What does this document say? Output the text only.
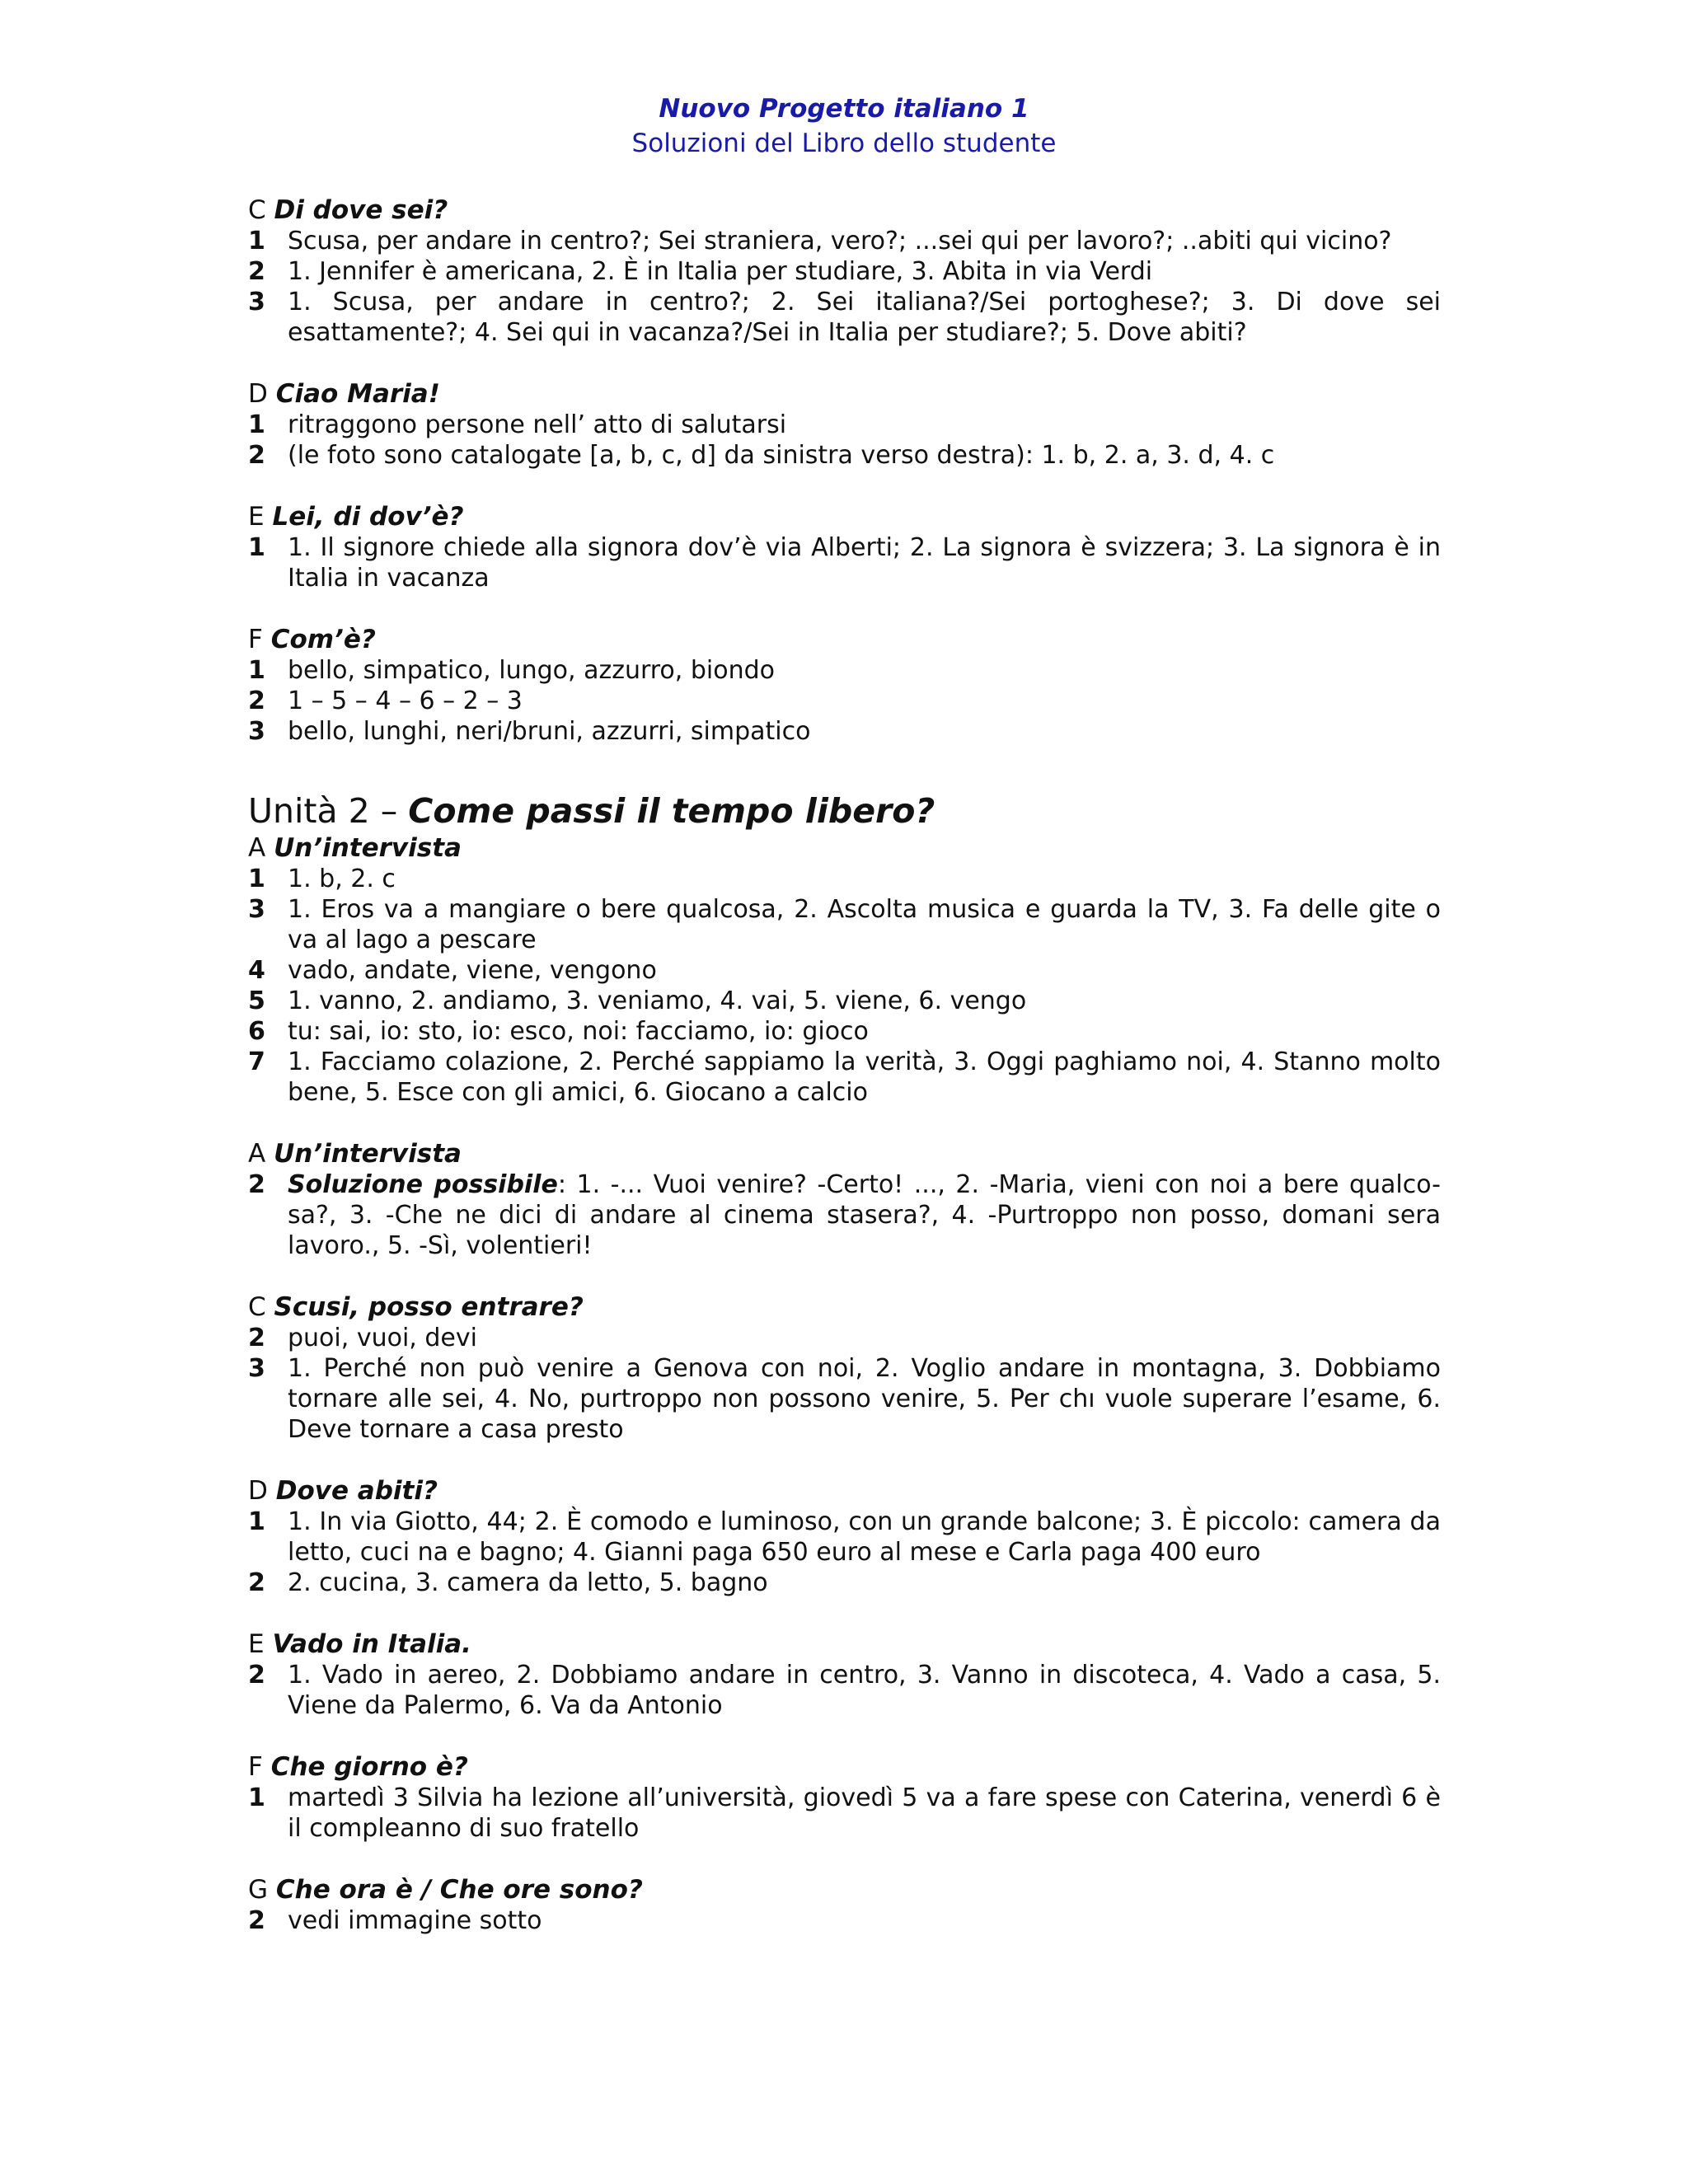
Nuovo Progetto italiano 1
Soluzioni del Libro dello studente
C Di dove sei?
1 Scusa, per andare in centro?; Sei straniera, vero?; ...sei qui per lavoro?; ..abiti qui vicino?
2 1. Jennifer è americana, 2. È in Italia per studiare, 3. Abita in via Verdi
3 1. Scusa, per andare in centro?; 2. Sei italiana?/Sei portoghese?; 3. Di dove sei esattamente?; 4. Sei qui in vacanza?/Sei in Italia per studiare?; 5. Dove abiti?
D Ciao Maria!
1 ritraggono persone nell’ atto di salutarsi
2 (le foto sono catalogate [a, b, c, d] da sinistra verso destra): 1. b, 2. a, 3. d, 4. c
E Lei, di dov’è?
1 1. Il signore chiede alla signora dov’è via Alberti; 2. La signora è svizzera; 3. La signora è in Italia in vacanza
F Com’è?
1 bello, simpatico, lungo, azzurro, biondo
2 1 – 5 – 4 – 6 – 2 – 3
3 bello, lunghi, neri/bruni, azzurri, simpatico
Unità 2 – Come passi il tempo libero?
A Un’intervista
1 1. b, 2. c
3 1. Eros va a mangiare o bere qualcosa, 2. Ascolta musica e guarda la TV, 3. Fa delle gite o va al lago a pescare
4 vado, andate, viene, vengono
5 1. vanno, 2. andiamo, 3. veniamo, 4. vai, 5. viene, 6. vengo
6 tu: sai, io: sto, io: esco, noi: facciamo, io: gioco
7 1. Facciamo colazione, 2. Perché sappiamo la verità, 3. Oggi paghiamo noi, 4. Stanno molto bene, 5. Esce con gli amici, 6. Giocano a calcio
A Un’intervista
2 Soluzione possibile: 1. -... Vuoi venire? -Certo! ..., 2. -Maria, vieni con noi a bere qualco-sa?, 3. -Che ne dici di andare al cinema stasera?, 4. -Purtroppo non posso, domani sera lavoro., 5. -Sì, volentieri!
C Scusi, posso entrare?
2 puoi, vuoi, devi
3 1. Perché non può venire a Genova con noi, 2. Voglio andare in montagna, 3. Dobbiamo tornare alle sei, 4. No, purtroppo non possono venire, 5. Per chı vuole superare l’esame, 6. Deve tornare a casa presto
D Dove abiti?
1 1. In via Giotto, 44; 2. È comodo e luminoso, con un grande balcone; 3. È piccolo: camera da letto, cuci na e bagno; 4. Gianni paga 650 euro al mese e Carla paga 400 euro
2 2. cucina, 3. camera da letto, 5. bagno
E Vado in Italia.
2 1. Vado in aereo, 2. Dobbiamo andare in centro, 3. Vanno in discoteca, 4. Vado a casa, 5. Viene da Palermo, 6. Va da Antonio
F Che giorno è?
1 martedì 3 Silvia ha lezione all’università, giovedì 5 va a fare spese con Caterina, venerdì 6 è il compleanno di suo fratello
G Che ora è / Che ore sono?
2 vedi immagine sotto
